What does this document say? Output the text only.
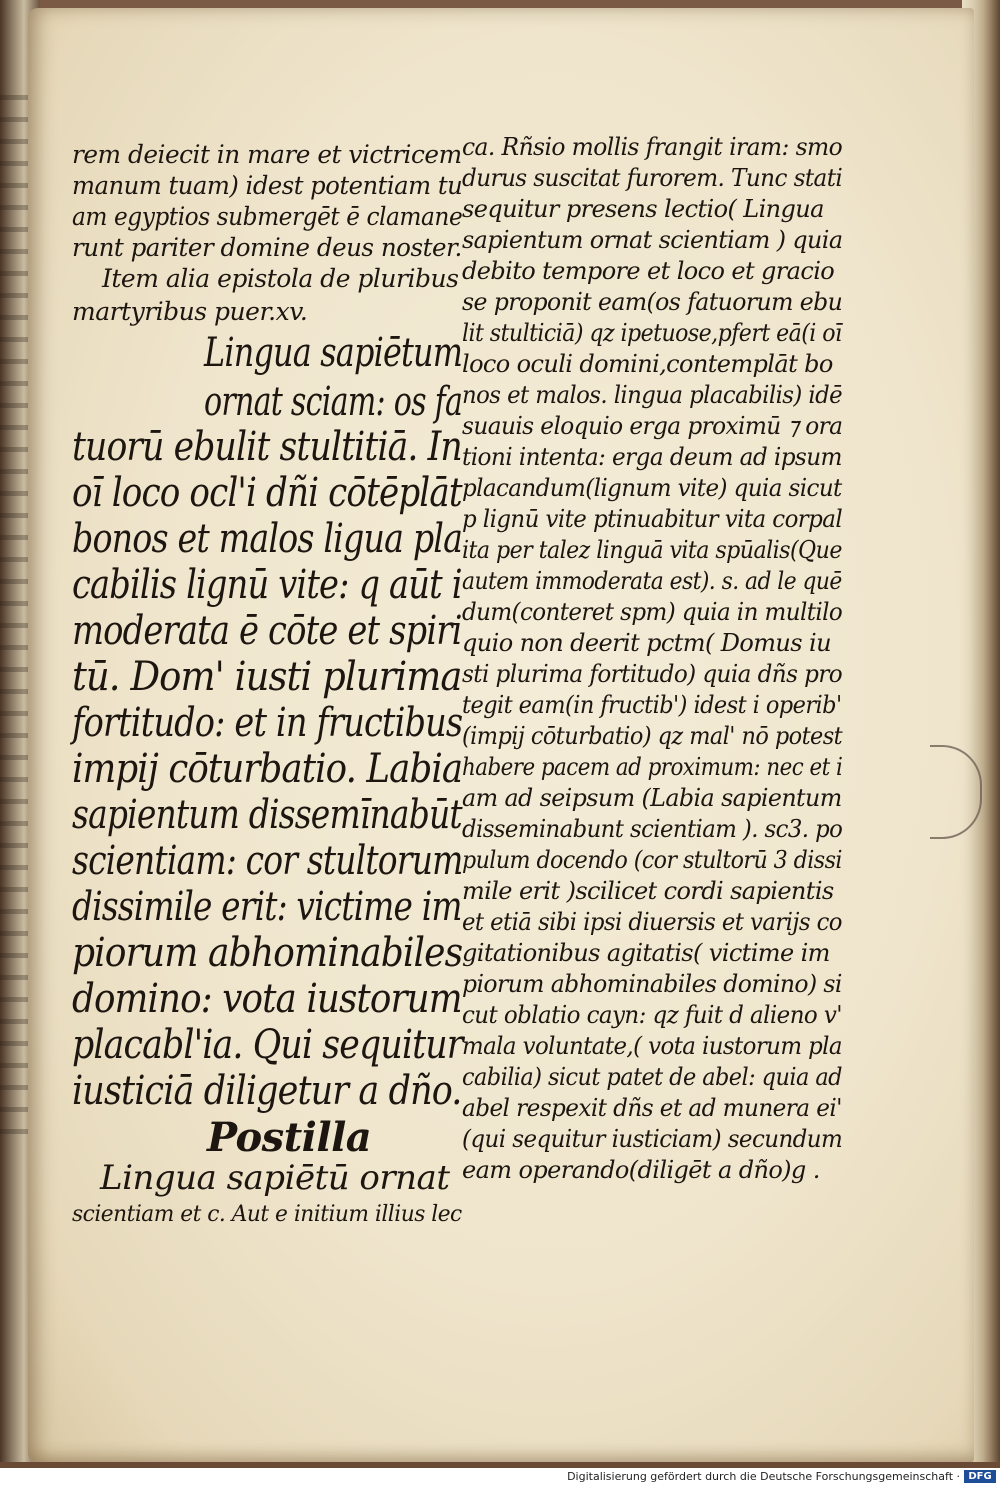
rem deiecit in mare et victricem
manum tuam) idest potentiam tu
am egyptios submergēt ē clamane
runt pariter domine deus noster.
Item alia epistola de pluribus
martyribus puer.xv.
Lingua sapiētum
ornat sciam: os fa
tuorū ebulit stultitiā. In
oī loco ocl'i dñi cōtēplāt
bonos et malos ligua pla
cabilis lignū vite: q aūt i
moderata ē cōte et spiri
tū. Dom' iusti plurima
fortitudo: et in fructibus
impij cōturbatio. Labia
sapientum dissemīnabūt
scientiam: cor stultorum
dissimile erit: victime im
piorum abhominabiles
domino: vota iustorum
placabl'ia. Qui sequitur
iusticiā diligetur a dño.
Postilla
Lingua sapiētū ornat
scientiam et c. Aut e initium illius lec
ca. Rñsio mollis frangit iram: smo
durus suscitat furorem. Tunc stati
sequitur presens lectio( Lingua
sapientum ornat scientiam ) quia
debito tempore et loco et gracio
se proponit eam(os fatuorum ebu
lit stulticiā) qz ipetuose,pfert eā(i oī
loco oculi domini,contemplāt bo
nos et malos. lingua placabilis) idē
suauis eloquio erga proximū ⁊ ora
tioni intenta: erga deum ad ipsum
placandum(lignum vite) quia sicut
p lignū vite ptinuabitur vita corpal
ita per talez linguā vita spūalis(Que
autem immoderata est). s. ad le quē
dum(conteret spm) quia in multilo
quio non deerit pctm( Domus iu
sti plurima fortitudo) quia dñs pro
tegit eam(in fructib') idest i operib'
(impij cōturbatio) qz mal' nō potest
habere pacem ad proximum: nec et i
am ad seipsum (Labia sapientum
disseminabunt scientiam ). sc3. po
pulum docendo (cor stultorū 3 dissi
mile erit )scilicet cordi sapientis
et etiā sibi ipsi diuersis et varijs co
gitationibus agitatis( victime im
piorum abhominabiles domino) si
cut oblatio cayn: qz fuit d alieno v'
mala voluntate,( vota iustorum pla
cabilia) sicut patet de abel: quia ad
abel respexit dñs et ad munera ei'
(qui sequitur iusticiam) secundum
eam operando(diligēt a dño)g .
Digitalisierung gefördert durch die Deutsche Forschungsgemeinschaft · DFG
